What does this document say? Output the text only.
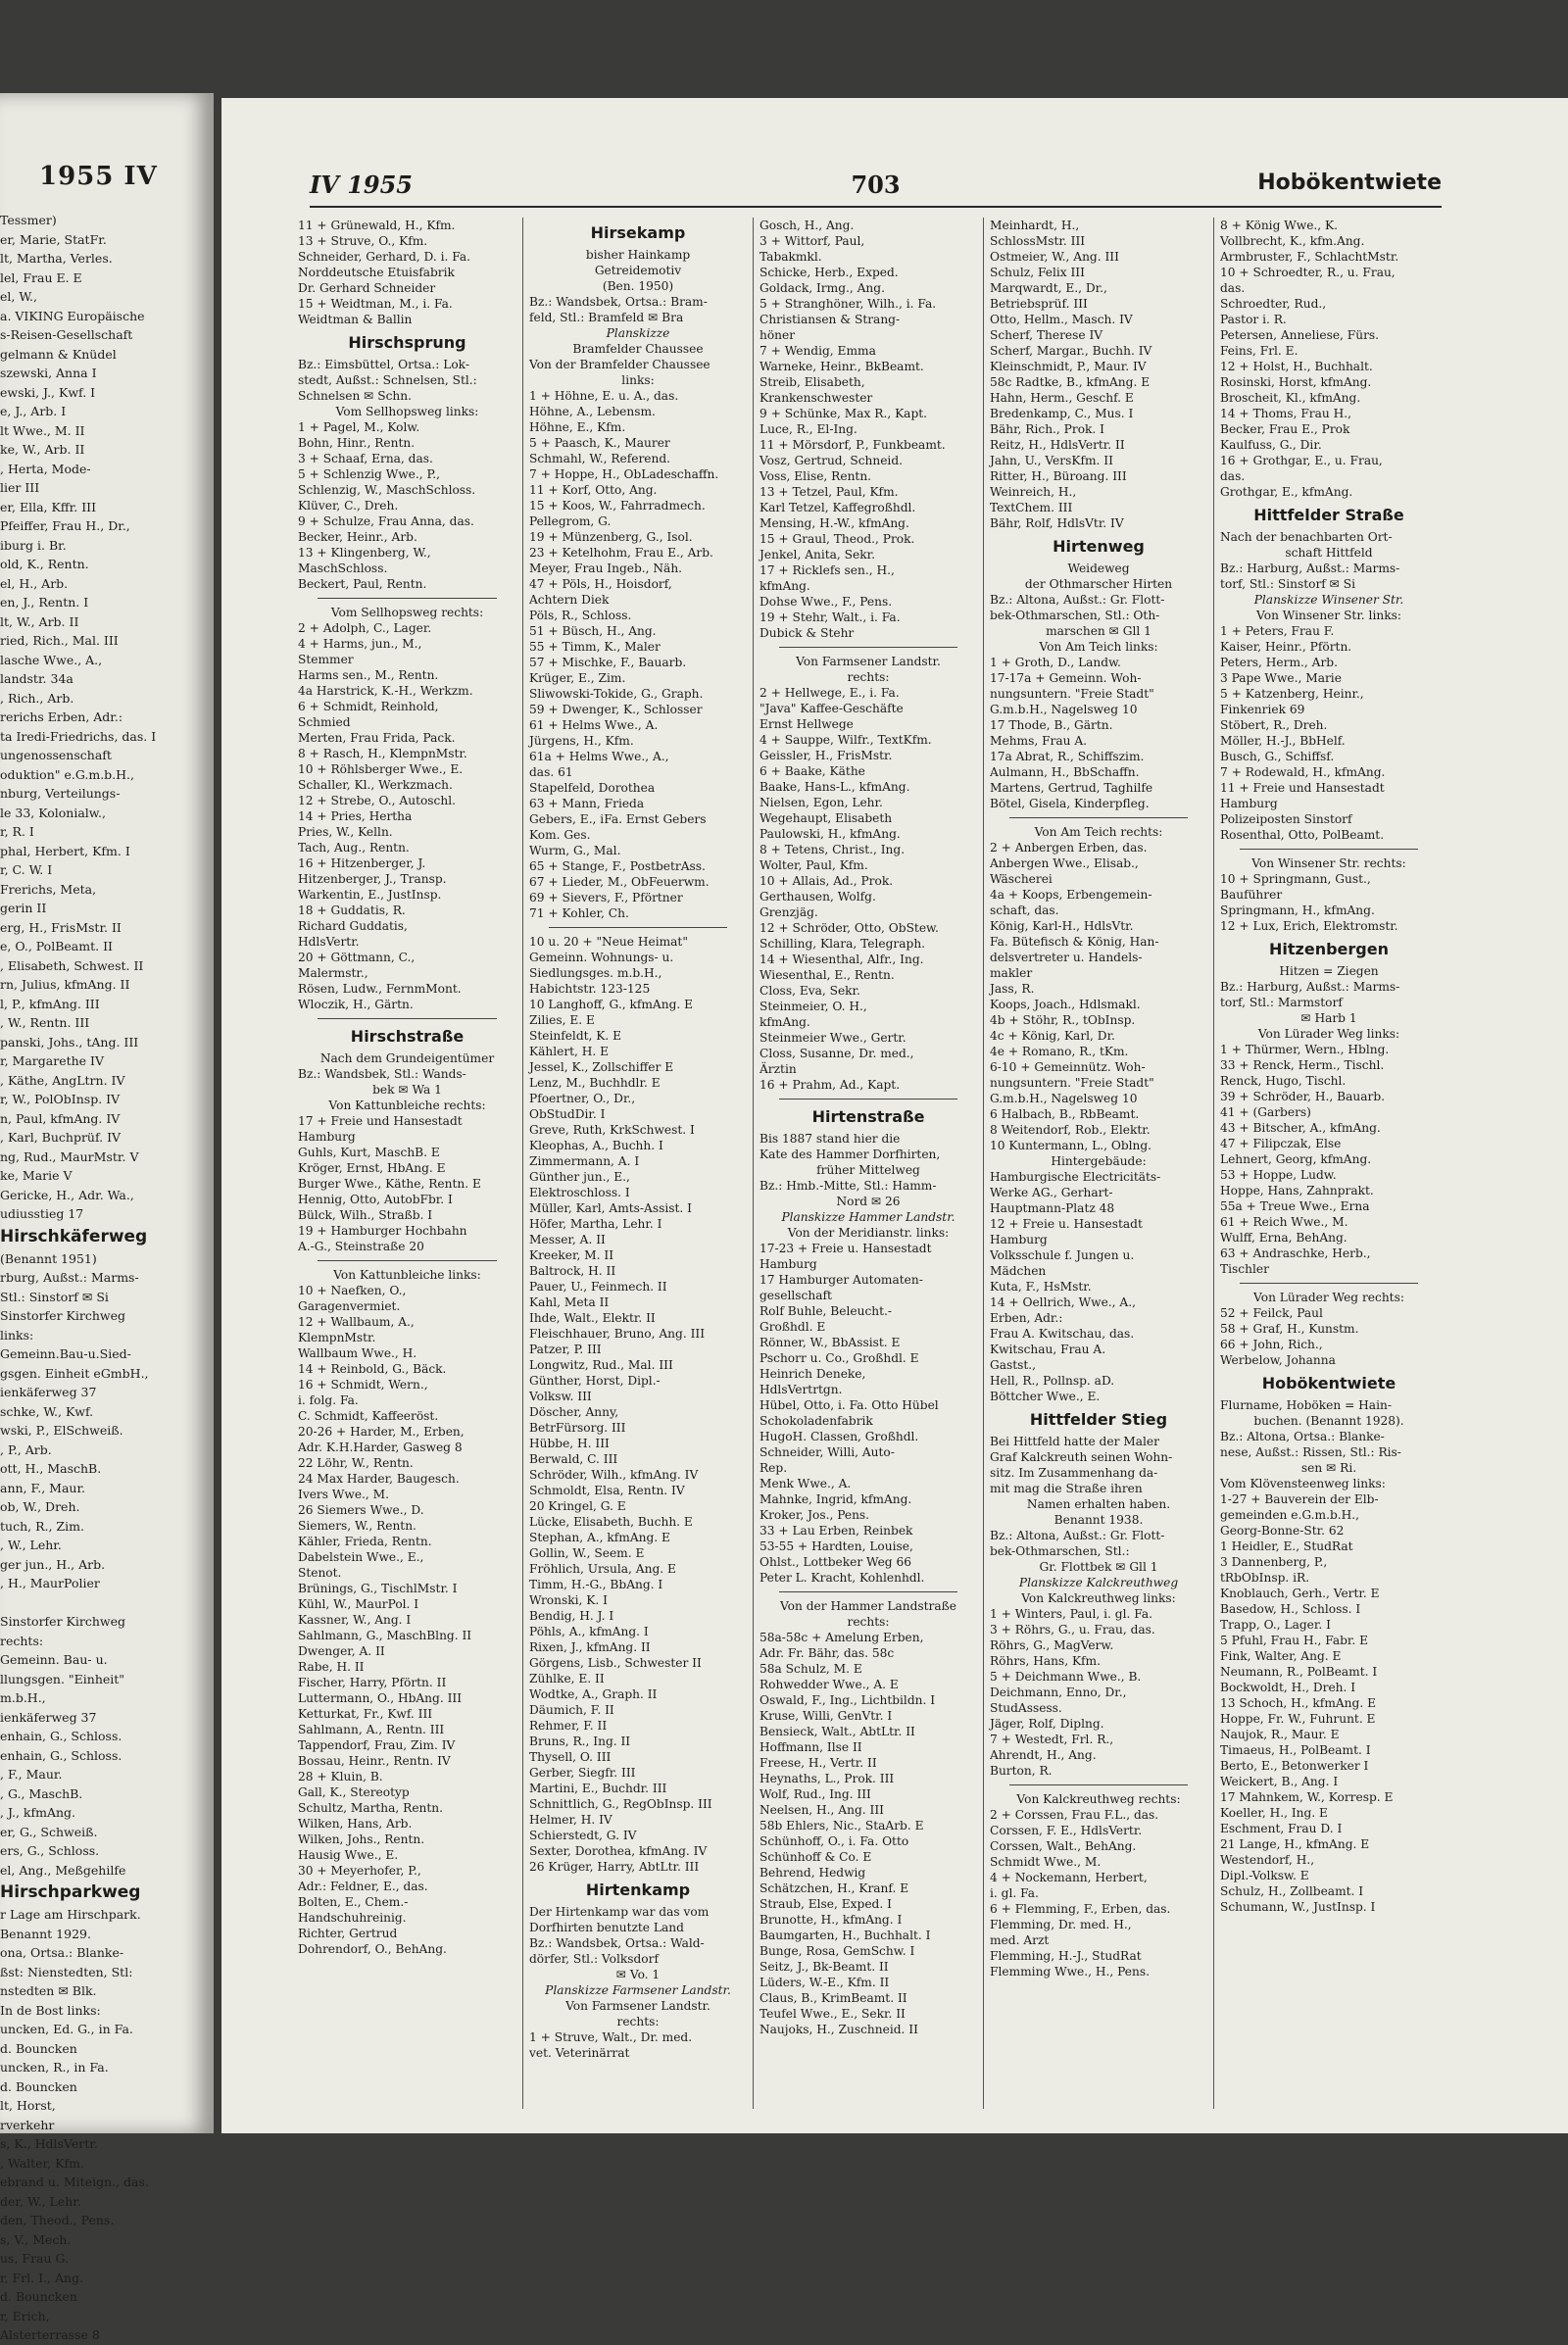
1955 IV
Tessmer)
er, Marie, StatFr.
lt, Martha, Verles.
lel, Frau E. E
el, W.,
a. VIKING Europäische
s-Reisen-Gesellschaft
gelmann & Knüdel
szewski, Anna I
ewski, J., Kwf. I
e, J., Arb. I
lt Wwe., M. II
ke, W., Arb. II
, Herta, Mode-
lier III
er, Ella, Kffr. III
Pfeiffer, Frau H., Dr.,
iburg i. Br.
old, K., Rentn.
el, H., Arb.
en, J., Rentn. I
lt, W., Arb. II
ried, Rich., Mal. III
lasche Wwe., A.,
landstr. 34a
, Rich., Arb.
rerichs Erben, Adr.:
ta Iredi-Friedrichs, das. I
ungenossenschaft
oduktion" e.G.m.b.H.,
nburg, Verteilungs-
le 33, Kolonialw.,
r, R. I
phal, Herbert, Kfm. I
r, C. W. I
Frerichs, Meta,
gerin II
erg, H., FrisMstr. II
e, O., PolBeamt. II
, Elisabeth, Schwest. II
rn, Julius, kfmAng. II
l, P., kfmAng. III
, W., Rentn. III
panski, Johs., tAng. III
r, Margarethe IV
, Käthe, AngLtrn. IV
r, W., PolObInsp. IV
n, Paul, kfmAng. IV
, Karl, Buchprüf. IV
ng, Rud., MaurMstr. V
ke, Marie V
Gericke, H., Adr. Wa.,
udiusstieg 17
Hirschkäferweg
(Benannt 1951)
rburg, Außst.: Marms-
Stl.: Sinstorf ✉ Si
Sinstorfer Kirchweg
links:
Gemeinn.Bau-u.Sied-
gsgen. Einheit eGmbH.,
ienkäferweg 37
schke, W., Kwf.
wski, P., ElSchweiß.
, P., Arb.
ott, H., MaschB.
ann, F., Maur.
ob, W., Dreh.
tuch, R., Zim.
, W., Lehr.
ger jun., H., Arb.
, H., MaurPolier
Sinstorfer Kirchweg
rechts:
Gemeinn. Bau- u.
llungsgen. "Einheit"
m.b.H.,
ienkäferweg 37
enhain, G., Schloss.
enhain, G., Schloss.
, F., Maur.
, G., MaschB.
, J., kfmAng.
er, G., Schweiß.
ers, G., Schloss.
el, Ang., Meßgehilfe
Hirschparkweg
r Lage am Hirschpark.
Benannt 1929.
ona, Ortsa.: Blanke-
ßst: Nienstedten, Stl:
nstedten ✉ Blk.
In de Bost links:
uncken, Ed. G., in Fa.
d. Bouncken
uncken, R., in Fa.
d. Bouncken
lt, Horst,
rverkehr
s, K., HdlsVertr.
, Walter, Kfm.
ebrand u. Miteign., das.
der, W., Lehr.
den, Theod., Pens.
s, V., Mech.
us, Frau G.
r, Frl. I., Ang.
d. Bouncken
r, Erich,
Alsterterrasse 8
703
IV 1955	Hobökentwiete
11 + Grünewald, H., Kfm.
13 + Struve, O., Kfm.
Schneider, Gerhard, D. i. Fa.
Norddeutsche Etuisfabrik
Dr. Gerhard Schneider
15 + Weidtman, M., i. Fa.
Weidtman & Ballin
Hirschsprung
Bz.: Eimsbüttel, Ortsa.: Lok-
stedt, Außst.: Schnelsen, Stl.:
Schnelsen ✉ Schn.
Vom Sellhopsweg links:
1 + Pagel, M., Kolw.
Bohn, Hinr., Rentn.
3 + Schaaf, Erna, das.
5 + Schlenzig Wwe., P.,
Schlenzig, W., MaschSchloss.
Klüver, C., Dreh.
9 + Schulze, Frau Anna, das.
Becker, Heinr., Arb.
13 + Klingenberg, W.,
MaschSchloss.
Beckert, Paul, Rentn.
Vom Sellhopsweg rechts:
2 + Adolph, C., Lager.
4 + Harms, jun., M.,
Stemmer
Harms sen., M., Rentn.
4a Harstrick, K.-H., Werkzm.
6 + Schmidt, Reinhold,
Schmied
Merten, Frau Frida, Pack.
8 + Rasch, H., KlempnMstr.
10 + Röhlsberger Wwe., E.
Schaller, Kl., Werkzmach.
12 + Strebe, O., Autoschl.
14 + Pries, Hertha
Pries, W., Kelln.
Tach, Aug., Rentn.
16 + Hitzenberger, J.
Hitzenberger, J., Transp.
Warkentin, E., JustInsp.
18 + Guddatis, R.
Richard Guddatis,
HdlsVertr.
20 + Göttmann, C.,
Malermstr.,
Rösen, Ludw., FernmMont.
Wloczik, H., Gärtn.
Hirschstraße
Nach dem Grundeigentümer
Bz.: Wandsbek, Stl.: Wands-
bek ✉ Wa 1
Von Kattunbleiche rechts:
17 + Freie und Hansestadt
Hamburg
Guhls, Kurt, MaschB. E
Kröger, Ernst, HbAng. E
Burger Wwe., Käthe, Rentn. E
Hennig, Otto, AutobFbr. I
Bülck, Wilh., Straßb. I
19 + Hamburger Hochbahn
A.-G., Steinstraße 20
Von Kattunbleiche links:
10 + Naefken, O.,
Garagenvermiet.
12 + Wallbaum, A.,
KlempnMstr.
Wallbaum Wwe., H.
14 + Reinbold, G., Bäck.
16 + Schmidt, Wern.,
i. folg. Fa.
C. Schmidt, Kaffeeröst.
20-26 + Harder, M., Erben,
Adr. K.H.Harder, Gasweg 8
22 Löhr, W., Rentn.
24 Max Harder, Baugesch.
Ivers Wwe., M.
26 Siemers Wwe., D.
Siemers, W., Rentn.
Kähler, Frieda, Rentn.
Dabelstein Wwe., E.,
Stenot.
Brünings, G., TischlMstr. I
Kühl, W., MaurPol. I
Kassner, W., Ang. I
Sahlmann, G., MaschBlng. II
Dwenger, A. II
Rabe, H. II
Fischer, Harry, Pförtn. II
Luttermann, O., HbAng. III
Ketturkat, Fr., Kwf. III
Sahlmann, A., Rentn. III
Tappendorf, Frau, Zim. IV
Bossau, Heinr., Rentn. IV
28 + Kluin, B.
Gall, K., Stereotyp
Schultz, Martha, Rentn.
Wilken, Hans, Arb.
Wilken, Johs., Rentn.
Hausig Wwe., E.
30 + Meyerhofer, P.,
Adr.: Feldner, E., das.
Bolten, E., Chem.-
Handschuhreinig.
Richter, Gertrud
Dohrendorf, O., BehAng.
Hirsekamp
bisher Hainkamp
Getreidemotiv
(Ben. 1950)
Bz.: Wandsbek, Ortsa.: Bram-
feld, Stl.: Bramfeld ✉ Bra
Planskizze
Bramfelder Chaussee
Von der Bramfelder Chaussee
links:
1 + Höhne, E. u. A., das.
Höhne, A., Lebensm.
Höhne, E., Kfm.
5 + Paasch, K., Maurer
Schmahl, W., Referend.
7 + Hoppe, H., ObLadeschaffn.
11 + Korf, Otto, Ang.
15 + Koos, W., Fahrradmech.
Pellegrom, G.
19 + Münzenberg, G., Isol.
23 + Ketelhohm, Frau E., Arb.
Meyer, Frau Ingeb., Näh.
47 + Pöls, H., Hoisdorf,
Achtern Diek
Pöls, R., Schloss.
51 + Büsch, H., Ang.
55 + Timm, K., Maler
57 + Mischke, F., Bauarb.
Krüger, E., Zim.
Sliwowski-Tokide, G., Graph.
59 + Dwenger, K., Schlosser
61 + Helms Wwe., A.
Jürgens, H., Kfm.
61a + Helms Wwe., A.,
das. 61
Stapelfeld, Dorothea
63 + Mann, Frieda
Gebers, E., iFa. Ernst Gebers
Kom. Ges.
Wurm, G., Mal.
65 + Stange, F., PostbetrAss.
67 + Lieder, M., ObFeuerwm.
69 + Sievers, F., Pförtner
71 + Kohler, Ch.
10 u. 20 + "Neue Heimat"
Gemeinn. Wohnungs- u.
Siedlungsges. m.b.H.,
Habichtstr. 123-125
10 Langhoff, G., kfmAng. E
Zilies, E. E
Steinfeldt, K. E
Kählert, H. E
Jessel, K., Zollschiffer E
Lenz, M., Buchhdlr. E
Pfoertner, O., Dr.,
ObStudDir. I
Greve, Ruth, KrkSchwest. I
Kleophas, A., Buchh. I
Zimmermann, A. I
Günther jun., E.,
Elektroschloss. I
Müller, Karl, Amts-Assist. I
Höfer, Martha, Lehr. I
Messer, A. II
Kreeker, M. II
Baltrock, H. II
Pauer, U., Feinmech. II
Kahl, Meta II
Ihde, Walt., Elektr. II
Fleischhauer, Bruno, Ang. III
Patzer, P. III
Longwitz, Rud., Mal. III
Günther, Horst, Dipl.-
Volksw. III
Döscher, Anny,
BetrFürsorg. III
Hübbe, H. III
Berwald, C. III
Schröder, Wilh., kfmAng. IV
Schmoldt, Elsa, Rentn. IV
20 Kringel, G. E
Lücke, Elisabeth, Buchh. E
Stephan, A., kfmAng. E
Gollin, W., Seem. E
Fröhlich, Ursula, Ang. E
Timm, H.-G., BbAng. I
Wronski, K. I
Bendig, H. J. I
Pöhls, A., kfmAng. I
Rixen, J., kfmAng. II
Görgens, Lisb., Schwester II
Zühlke, E. II
Wodtke, A., Graph. II
Däumich, F. II
Rehmer, F. II
Bruns, R., Ing. II
Thysell, O. III
Gerber, Siegfr. III
Martini, E., Buchdr. III
Schnittlich, G., RegObInsp. III
Helmer, H. IV
Schierstedt, G. IV
Sexter, Dorothea, kfmAng. IV
26 Krüger, Harry, AbtLtr. III
Hirtenkamp
Der Hirtenkamp war das vom
Dorfhirten benutzte Land
Bz.: Wandsbek, Ortsa.: Wald-
dörfer, Stl.: Volksdorf
✉ Vo. 1
Planskizze Farmsener Landstr.
Von Farmsener Landstr.
rechts:
1 + Struve, Walt., Dr. med.
vet. Veterinärrat
Gosch, H., Ang.
3 + Wittorf, Paul,
Tabakmkl.
Schicke, Herb., Exped.
Goldack, Irmg., Ang.
5 + Stranghöner, Wilh., i. Fa.
Christiansen & Strang-
höner
7 + Wendig, Emma
Warneke, Heinr., BkBeamt.
Streib, Elisabeth,
Krankenschwester
9 + Schünke, Max R., Kapt.
Luce, R., El-Ing.
11 + Mörsdorf, P., Funkbeamt.
Vosz, Gertrud, Schneid.
Voss, Elise, Rentn.
13 + Tetzel, Paul, Kfm.
Karl Tetzel, Kaffegroßhdl.
Mensing, H.-W., kfmAng.
15 + Graul, Theod., Prok.
Jenkel, Anita, Sekr.
17 + Ricklefs sen., H.,
kfmAng.
Dohse Wwe., F., Pens.
19 + Stehr, Walt., i. Fa.
Dubick & Stehr
Von Farmsener Landstr.
rechts:
2 + Hellwege, E., i. Fa.
"Java" Kaffee-Geschäfte
Ernst Hellwege
4 + Sauppe, Wilfr., TextKfm.
Geissler, H., FrisMstr.
6 + Baake, Käthe
Baake, Hans-L., kfmAng.
Nielsen, Egon, Lehr.
Wegehaupt, Elisabeth
Paulowski, H., kfmAng.
8 + Tetens, Christ., Ing.
Wolter, Paul, Kfm.
10 + Allais, Ad., Prok.
Gerthausen, Wolfg.
Grenzjäg.
12 + Schröder, Otto, ObStew.
Schilling, Klara, Telegraph.
14 + Wiesenthal, Alfr., Ing.
Wiesenthal, E., Rentn.
Closs, Eva, Sekr.
Steinmeier, O. H.,
kfmAng.
Steinmeier Wwe., Gertr.
Closs, Susanne, Dr. med.,
Ärztin
16 + Prahm, Ad., Kapt.
Hirtenstraße
Bis 1887 stand hier die
Kate des Hammer Dorfhirten,
früher Mittelweg
Bz.: Hmb.-Mitte, Stl.: Hamm-
Nord ✉ 26
Planskizze Hammer Landstr.
Von der Meridianstr. links:
17-23 + Freie u. Hansestadt
Hamburg
17 Hamburger Automaten-
gesellschaft
Rolf Buhle, Beleucht.-
Großhdl. E
Rönner, W., BbAssist. E
Pschorr u. Co., Großhdl. E
Heinrich Deneke,
HdlsVertrtgn.
Hübel, Otto, i. Fa. Otto Hübel
Schokoladenfabrik
HugoH. Classen, Großhdl.
Schneider, Willi, Auto-
Rep.
Menk Wwe., A.
Mahnke, Ingrid, kfmAng.
Kroker, Jos., Pens.
33 + Lau Erben, Reinbek
53-55 + Hardten, Louise,
Ohlst., Lottbeker Weg 66
Peter L. Kracht, Kohlenhdl.
Von der Hammer Landstraße
rechts:
58a-58c + Amelung Erben,
Adr. Fr. Bähr, das. 58c
58a Schulz, M. E
Rohwedder Wwe., A. E
Oswald, F., Ing., Lichtbildn. I
Kruse, Willi, GenVtr. I
Bensieck, Walt., AbtLtr. II
Hoffmann, Ilse II
Freese, H., Vertr. II
Heynaths, L., Prok. III
Wolf, Rud., Ing. III
Neelsen, H., Ang. III
58b Ehlers, Nic., StaArb. E
Schünhoff, O., i. Fa. Otto
Schünhoff & Co. E
Behrend, Hedwig
Schätzchen, H., Kranf. E
Straub, Else, Exped. I
Brunotte, H., kfmAng. I
Baumgarten, H., Buchhalt. I
Bunge, Rosa, GemSchw. I
Seitz, J., Bk-Beamt. II
Lüders, W.-E., Kfm. II
Claus, B., KrimBeamt. II
Teufel Wwe., E., Sekr. II
Naujoks, H., Zuschneid. II
Meinhardt, H.,
SchlossMstr. III
Ostmeier, W., Ang. III
Schulz, Felix III
Marqwardt, E., Dr.,
Betriebsprüf. III
Otto, Hellm., Masch. IV
Scherf, Therese IV
Scherf, Margar., Buchh. IV
Kleinschmidt, P., Maur. IV
58c Radtke, B., kfmAng. E
Hahn, Herm., Geschf. E
Bredenkamp, C., Mus. I
Bähr, Rich., Prok. I
Reitz, H., HdlsVertr. II
Jahn, U., VersKfm. II
Ritter, H., Büroang. III
Weinreich, H.,
TextChem. III
Bähr, Rolf, HdlsVtr. IV
Hirtenweg
Weideweg
der Othmarscher Hirten
Bz.: Altona, Außst.: Gr. Flott-
bek-Othmarschen, Stl.: Oth-
marschen ✉ Gll 1
Von Am Teich links:
1 + Groth, D., Landw.
17-17a + Gemeinn. Woh-
nungsuntern. "Freie Stadt"
G.m.b.H., Nagelsweg 10
17 Thode, B., Gärtn.
Mehms, Frau A.
17a Abrat, R., Schiffszim.
Aulmann, H., BbSchaffn.
Martens, Gertrud, Taghilfe
Bötel, Gisela, Kinderpfleg.
Von Am Teich rechts:
2 + Anbergen Erben, das.
Anbergen Wwe., Elisab.,
Wäscherei
4a + Koops, Erbengemein-
schaft, das.
König, Karl-H., HdlsVtr.
Fa. Bütefisch & König, Han-
delsvertreter u. Handels-
makler
Jass, R.
Koops, Joach., Hdlsmakl.
4b + Stöhr, R., tObInsp.
4c + König, Karl, Dr.
4e + Romano, R., tKm.
6-10 + Gemeinnütz. Woh-
nungsuntern. "Freie Stadt"
G.m.b.H., Nagelsweg 10
6 Halbach, B., RbBeamt.
8 Weitendorf, Rob., Elektr.
10 Kuntermann, L., Oblng.
Hintergebäude:
Hamburgische Electricitäts-
Werke AG., Gerhart-
Hauptmann-Platz 48
12 + Freie u. Hansestadt
Hamburg
Volksschule f. Jungen u.
Mädchen
Kuta, F., HsMstr.
14 + Oellrich, Wwe., A.,
Erben, Adr.:
Frau A. Kwitschau, das.
Kwitschau, Frau A.
Gastst.,
Hell, R., Pollnsp. aD.
Böttcher Wwe., E.
Hittfelder Stieg
Bei Hittfeld hatte der Maler
Graf Kalckreuth seinen Wohn-
sitz. Im Zusammenhang da-
mit mag die Straße ihren
Namen erhalten haben.
Benannt 1938.
Bz.: Altona, Außst.: Gr. Flott-
bek-Othmarschen, Stl.:
Gr. Flottbek ✉ Gll 1
Planskizze Kalckreuthweg
Von Kalckreuthweg links:
1 + Winters, Paul, i. gl. Fa.
3 + Röhrs, G., u. Frau, das.
Röhrs, G., MagVerw.
Röhrs, Hans, Kfm.
5 + Deichmann Wwe., B.
Deichmann, Enno, Dr.,
StudAssess.
Jäger, Rolf, Diplng.
7 + Westedt, Frl. R.,
Ahrendt, H., Ang.
Burton, R.
Von Kalckreuthweg rechts:
2 + Corssen, Frau F.L., das.
Corssen, F. E., HdlsVertr.
Corssen, Walt., BehAng.
Schmidt Wwe., M.
4 + Nockemann, Herbert,
i. gl. Fa.
6 + Flemming, F., Erben, das.
Flemming, Dr. med. H.,
med. Arzt
Flemming, H.-J., StudRat
Flemming Wwe., H., Pens.
8 + König Wwe., K.
Vollbrecht, K., kfm.Ang.
Armbruster, F., SchlachtMstr.
10 + Schroedter, R., u. Frau,
das.
Schroedter, Rud.,
Pastor i. R.
Petersen, Anneliese, Fürs.
Feins, Frl. E.
12 + Holst, H., Buchhalt.
Rosinski, Horst, kfmAng.
Broscheit, Kl., kfmAng.
14 + Thoms, Frau H.,
Becker, Frau E., Prok
Kaulfuss, G., Dir.
16 + Grothgar, E., u. Frau,
das.
Grothgar, E., kfmAng.
Hittfelder Straße
Nach der benachbarten Ort-
schaft Hittfeld
Bz.: Harburg, Außst.: Marms-
torf, Stl.: Sinstorf ✉ Si
Planskizze Winsener Str.
Von Winsener Str. links:
1 + Peters, Frau F.
Kaiser, Heinr., Pförtn.
Peters, Herm., Arb.
3 Pape Wwe., Marie
5 + Katzenberg, Heinr.,
Finkenriek 69
Stöbert, R., Dreh.
Möller, H.-J., BbHelf.
Busch, G., Schiffsf.
7 + Rodewald, H., kfmAng.
11 + Freie und Hansestadt
Hamburg
Polizeiposten Sinstorf
Rosenthal, Otto, PolBeamt.
Von Winsener Str. rechts:
10 + Springmann, Gust.,
Bauführer
Springmann, H., kfmAng.
12 + Lux, Erich, Elektromstr.
Hitzenbergen
Hitzen = Ziegen
Bz.: Harburg, Außst.: Marms-
torf, Stl.: Marmstorf
✉ Harb 1
Von Lürader Weg links:
1 + Thürmer, Wern., Hblng.
33 + Renck, Herm., Tischl.
Renck, Hugo, Tischl.
39 + Schröder, H., Bauarb.
41 + (Garbers)
43 + Bitscher, A., kfmAng.
47 + Filipczak, Else
Lehnert, Georg, kfmAng.
53 + Hoppe, Ludw.
Hoppe, Hans, Zahnprakt.
55a + Treue Wwe., Erna
61 + Reich Wwe., M.
Wulff, Erna, BehAng.
63 + Andraschke, Herb.,
Tischler
Von Lürader Weg rechts:
52 + Feilck, Paul
58 + Graf, H., Kunstm.
66 + John, Rich.,
Werbelow, Johanna
Hobökentwiete
Flurname, Hoböken = Hain-
buchen. (Benannt 1928).
Bz.: Altona, Ortsa.: Blanke-
nese, Außst.: Rissen, Stl.: Ris-
sen ✉ Ri.
Vom Klövensteenweg links:
1-27 + Bauverein der Elb-
gemeinden e.G.m.b.H.,
Georg-Bonne-Str. 62
1 Heidler, E., StudRat
3 Dannenberg, P.,
tRbObInsp. iR.
Knoblauch, Gerh., Vertr. E
Basedow, H., Schloss. I
Trapp, O., Lager. I
5 Pfuhl, Frau H., Fabr. E
Fink, Walter, Ang. E
Neumann, R., PolBeamt. I
Bockwoldt, H., Dreh. I
13 Schoch, H., kfmAng. E
Hoppe, Fr. W., Fuhrunt. E
Naujok, R., Maur. E
Timaeus, H., PolBeamt. I
Berto, E., Betonwerker I
Weickert, B., Ang. I
17 Mahnkem, W., Korresp. E
Koeller, H., Ing. E
Eschment, Frau D. I
21 Lange, H., kfmAng. E
Westendorf, H.,
Dipl.-Volksw. E
Schulz, H., Zollbeamt. I
Schumann, W., JustInsp. I
